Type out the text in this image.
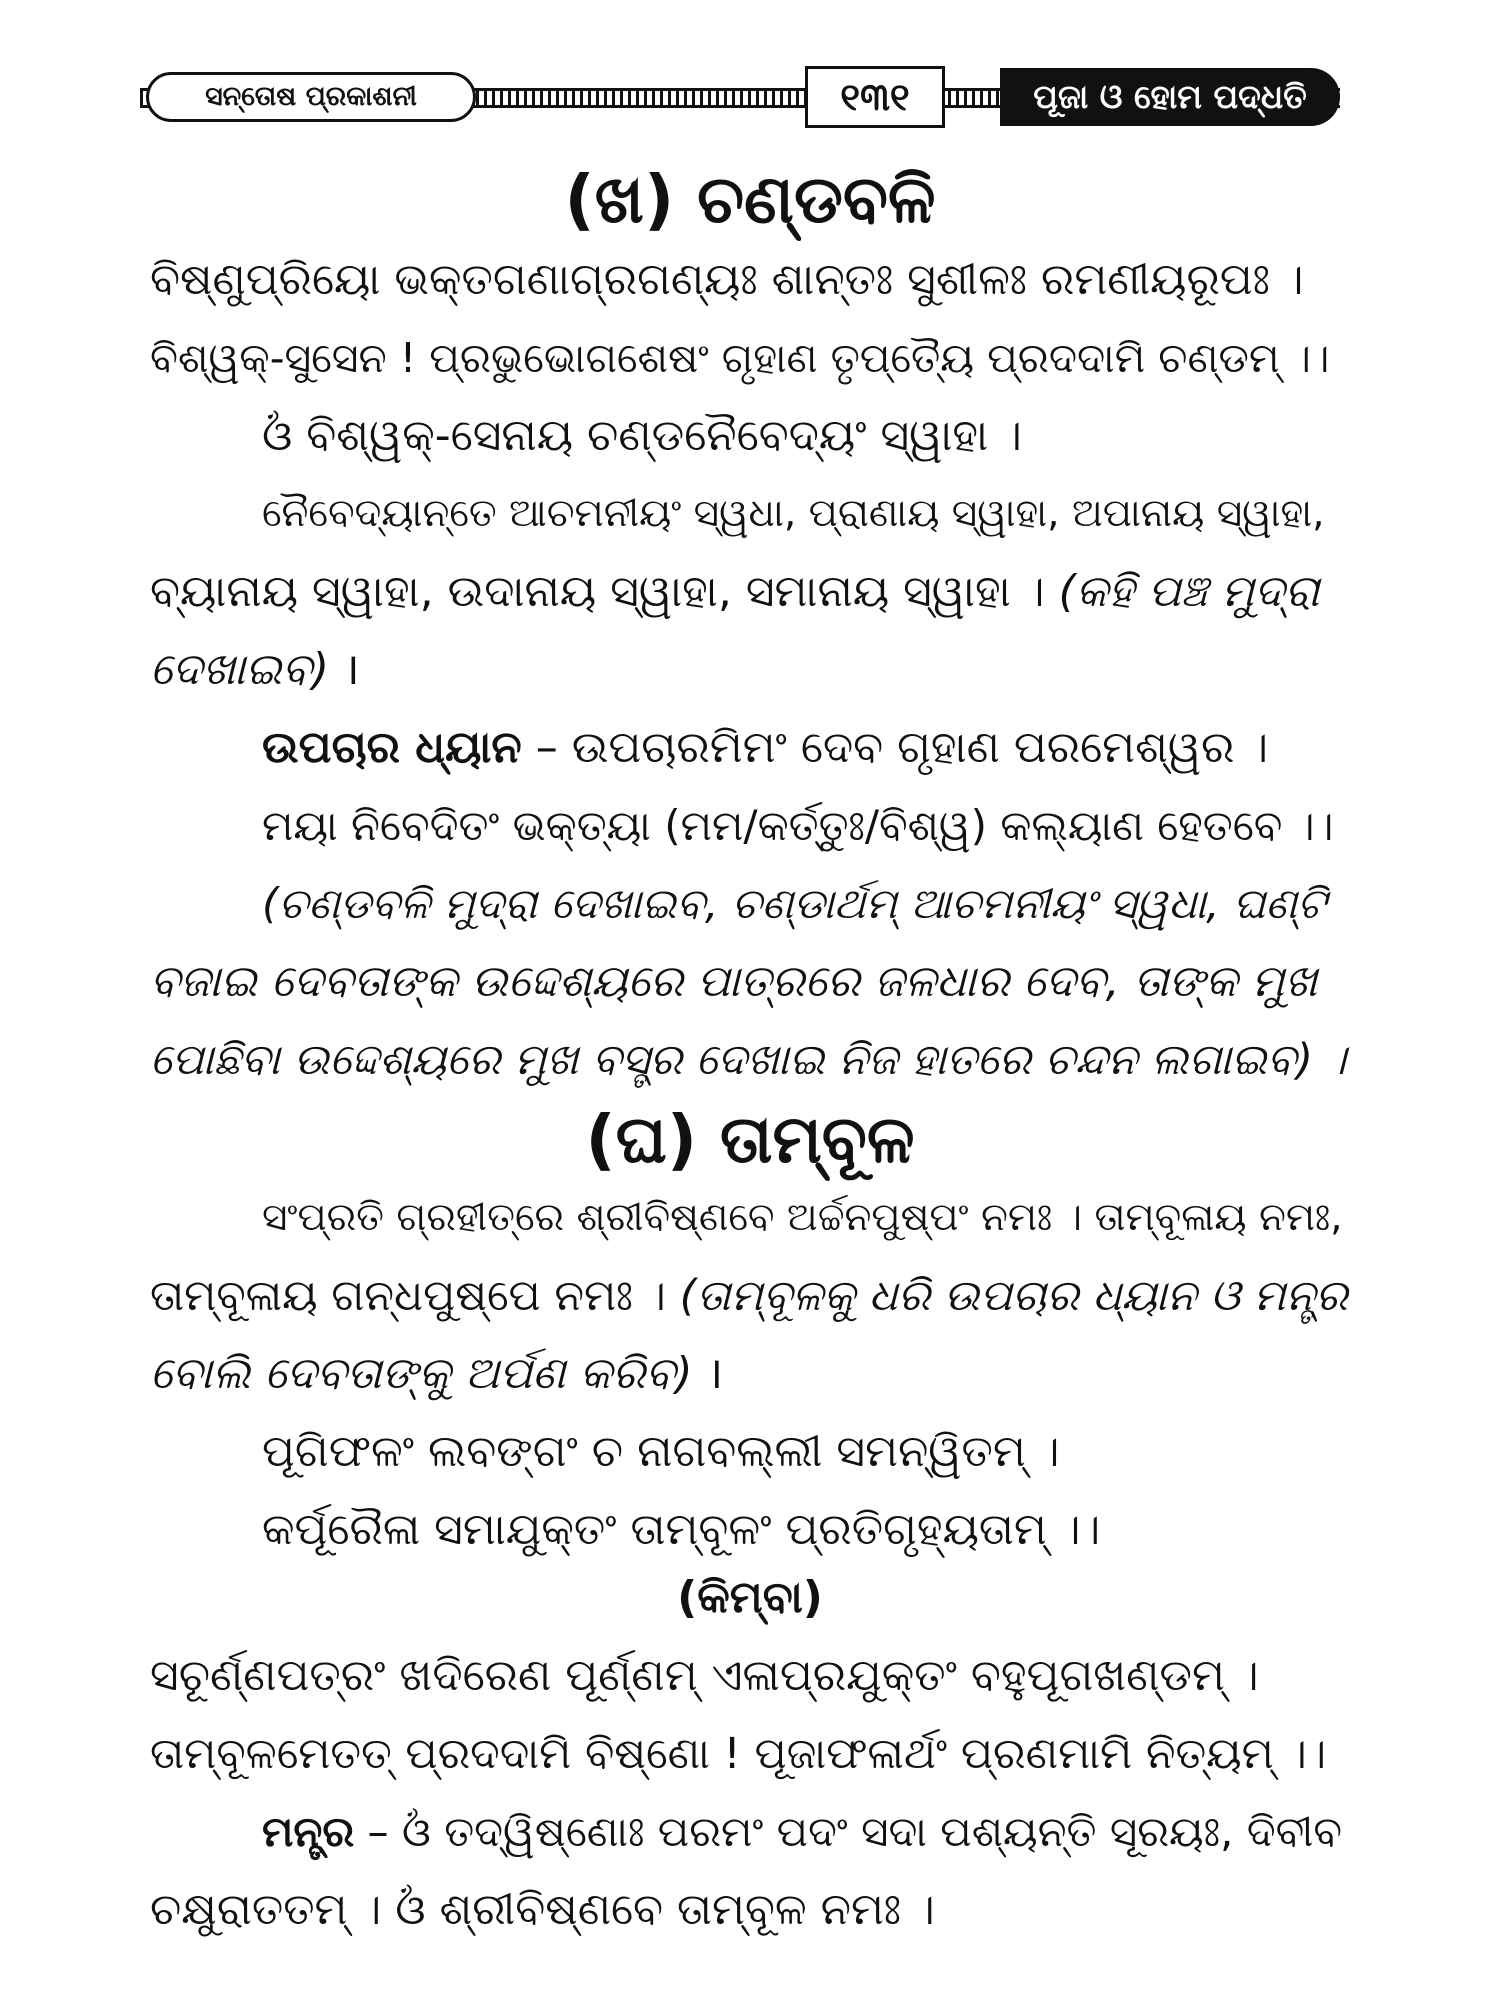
ସନ୍ତୋଷ ପ୍ରକାଶନୀ	୧୩୧	ପୂଜା ଓ ହୋମ ପଦ୍ଧତି
(ଖ) ଚଣ୍ଡବଳି
ବିଷ୍ଣୁପ୍ରିୟୋ ଭକ୍ତଗଣାଗ୍ରଗଣ୍ୟଃ ଶାନ୍ତଃ ସୁଶୀଳଃ ରମଣୀୟରୂପଃ ।
ବିଶ୍ୱକ୍-ସୁସେନ ! ପ୍ରଭୁଭୋଗଶେଷଂ ଗୃହାଣ ତୃପ୍ତ୍ୟୈ ପ୍ରଦଦାମି ଚଣ୍ଡମ୍ ।।
ଓଁ ବିଶ୍ୱକ୍-ସେନାୟ ଚଣ୍ଡନୈବେଦ୍ୟଂ ସ୍ୱାହା ।
ନୈବେଦ୍ୟାନ୍ତେ ଆଚମନୀୟଂ ସ୍ୱଧା, ପ୍ରାଣାୟ ସ୍ୱାହା, ଅପାନାୟ ସ୍ୱାହା,
ବ୍ୟାନାୟ ସ୍ୱାହା, ଉଦାନାୟ ସ୍ୱାହା, ସମାନାୟ ସ୍ୱାହା । (କହି ପଞ୍ଚ ମୁଦ୍ରା
ଦେଖାଇବ) ।
ଉପଚାର ଧ୍ୟାନ – ଉପଚାରମିମଂ ଦେବ ଗୃହାଣ ପରମେଶ୍ୱର ।
ମୟା ନିବେଦିତଂ ଭକ୍ତ୍ୟା (ମମ/କର୍ତ୍ତୁଃ/ବିଶ୍ୱ) କଲ୍ୟାଣ ହେତବେ ।।
(ଚଣ୍ଡବଳି ମୁଦ୍ରା ଦେଖାଇବ, ଚଣ୍ଡାର୍ଥମ୍ ଆଚମନୀୟଂ ସ୍ୱଧା, ଘଣ୍ଟି
ବଜାଇ ଦେବତାଙ୍କ ଉଦ୍ଦେଶ୍ୟରେ ପାତ୍ରରେ ଜଳଧାର ଦେବ, ତାଙ୍କ ମୁଖ
ପୋଛିବା ଉଦ୍ଦେଶ୍ୟରେ ମୁଖ ବସ୍ତ୍ର ଦେଖାଇ ନିଜ ହାତରେ ଚନ୍ଦନ ଲଗାଇବ) ।
(ଘ) ତାମ୍ବୂଳ
ସଂପ୍ରତି ଗ୍ରହୀତ୍ରେ ଶ୍ରୀବିଷ୍ଣବେ ଅର୍ଚ୍ଚନପୁଷ୍ପଂ ନମଃ । ତାମ୍ବୂଳାୟ ନମଃ,
ତାମ୍ବୂଳାୟ ଗନ୍ଧପୁଷ୍ପେ ନମଃ । (ତାମ୍ବୂଳକୁ ଧରି ଉପଚାର ଧ୍ୟାନ ଓ ମନ୍ତ୍ର
ବୋଲି ଦେବତାଙ୍କୁ ଅର୍ପଣ କରିବ) ।
ପୂଗିଫଳଂ ଲବଙ୍ଗଂ ଚ ନାଗବଲ୍ଲୀ ସମନ୍ୱିତମ୍ ।
କର୍ପୂରୈଳା ସମାଯୁକ୍ତଂ ତାମ୍ବୂଳଂ ପ୍ରତିଗୃହ୍ୟତାମ୍ ।।
(କିମ୍ବା)
ସଚୂର୍ଣ୍ଣପତ୍ରଂ ଖଦିରେଣ ପୂର୍ଣ୍ଣମ୍ ଏଳାପ୍ରଯୁକ୍ତଂ ବହୁପୂଗଖଣ୍ଡମ୍ ।
ତାମ୍ବୂଳମେତତ୍ ପ୍ରଦଦାମି ବିଷ୍ଣୋ ! ପୂଜାଫଳାର୍ଥଂ ପ୍ରଣମାମି ନିତ୍ୟମ୍ ।।
ମନ୍ତ୍ର – ଓଁ ତଦ୍ୱିଷ୍ଣୋଃ ପରମଂ ପଦଂ ସଦା ପଶ୍ୟନ୍ତି ସୂରୟଃ, ଦିବୀବ
ଚକ୍ଷୁରାତତମ୍ । ଓଁ ଶ୍ରୀବିଷ୍ଣବେ ତାମ୍ବୂଳ ନମଃ ।
